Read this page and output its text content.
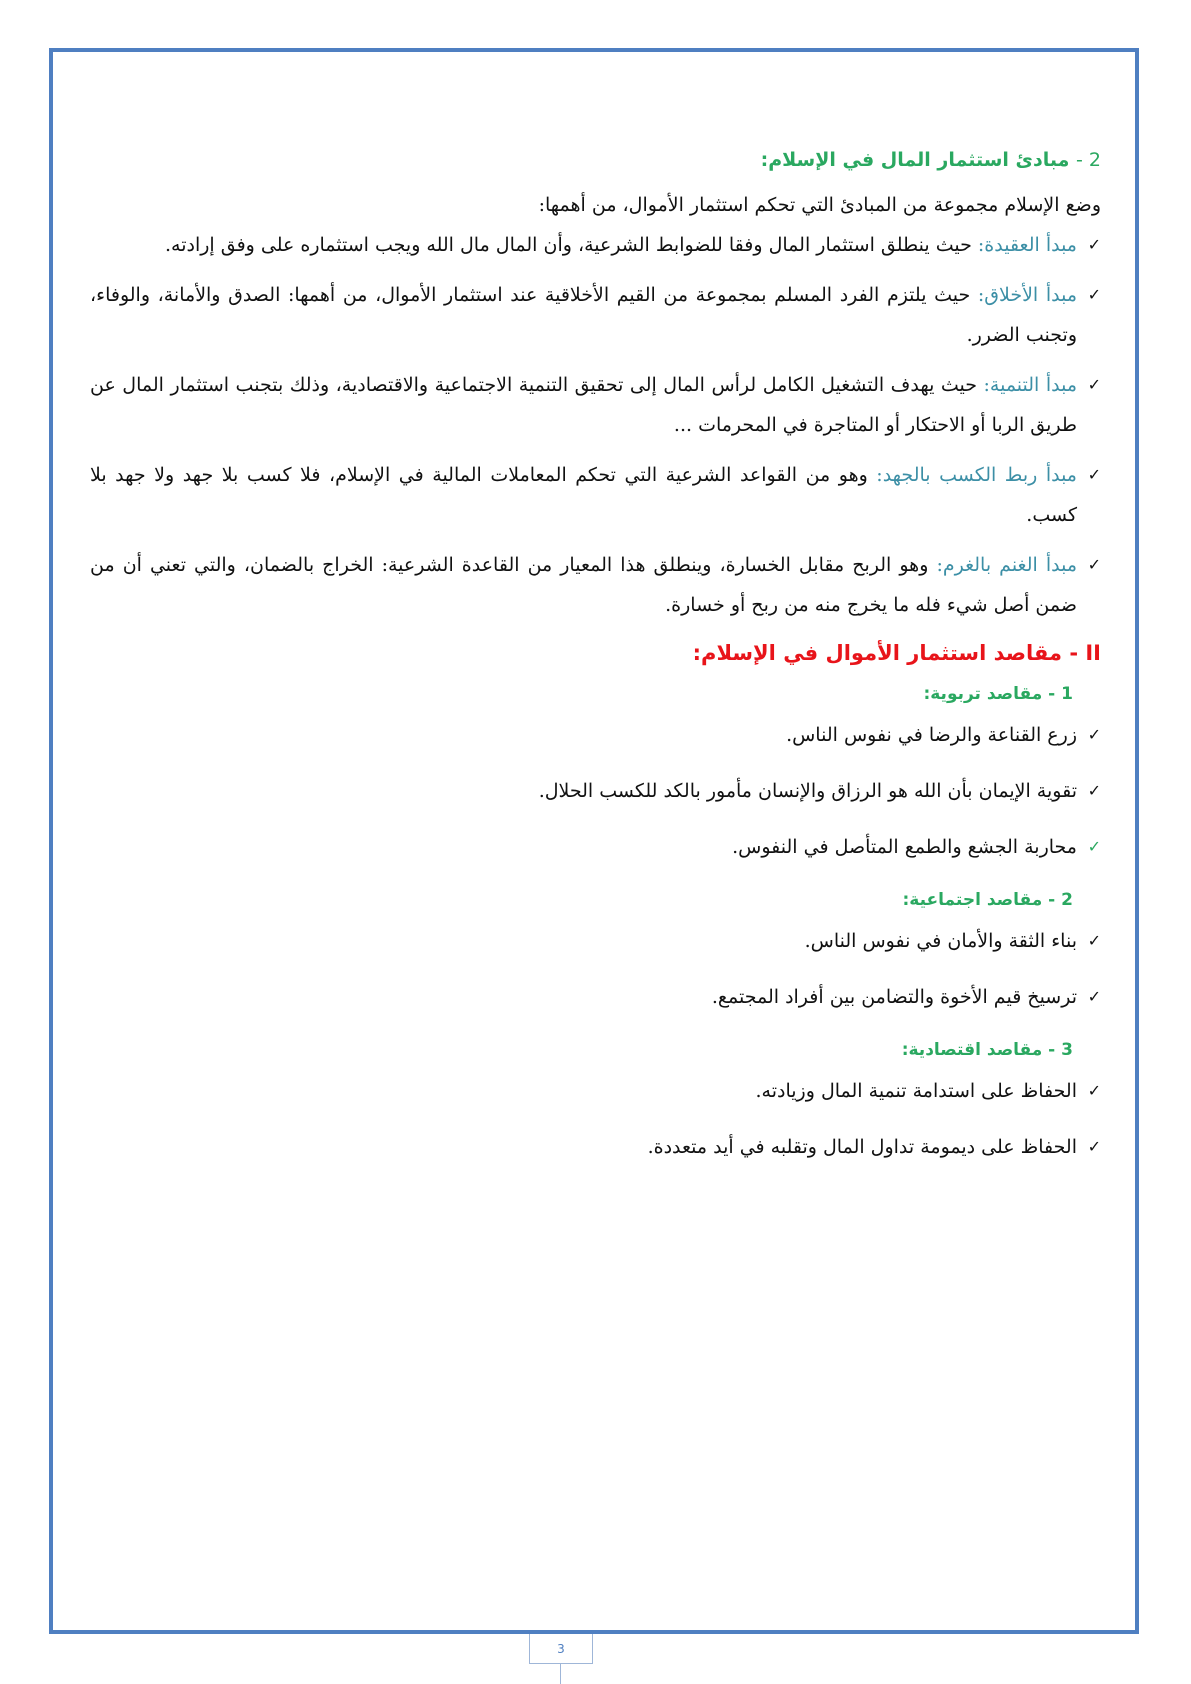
2 - مبادئ استثمار المال في الإسلام:

وضع الإسلام مجموعة من المبادئ التي تحكم استثمار الأموال، من أهمها:

✓
مبدأ العقيدة: حيث ينطلق استثمار المال وفقا للضوابط الشرعية، وأن المال مال الله ويجب استثماره على وفق إرادته.
✓
مبدأ الأخلاق: حيث يلتزم الفرد المسلم بمجموعة من القيم الأخلاقية عند استثمار الأموال، من أهمها: الصدق والأمانة، والوفاء، وتجنب الضرر.
✓
مبدأ التنمية: حيث يهدف التشغيل الكامل لرأس المال إلى تحقيق التنمية الاجتماعية والاقتصادية، وذلك بتجنب استثمار المال عن طريق الربا أو الاحتكار أو المتاجرة في المحرمات ...
✓
مبدأ ربط الكسب بالجهد: وهو من القواعد الشرعية التي تحكم المعاملات المالية في الإسلام، فلا كسب بلا جهد ولا جهد بلا كسب.
✓
مبدأ الغنم بالغرم: وهو الربح مقابل الخسارة، وينطلق هذا المعيار من القاعدة الشرعية: الخراج بالضمان، والتي تعني أن من ضمن أصل شيء فله ما يخرج منه من ربح أو خسارة.
II - مقاصد استثمار الأموال في الإسلام:
1 - مقاصد تربوية:
✓
زرع القناعة والرضا في نفوس الناس.
✓
تقوية الإيمان بأن الله هو الرزاق والإنسان مأمور بالكد للكسب الحلال.
✓
محاربة الجشع والطمع المتأصل في النفوس.
2 - مقاصد اجتماعية:
✓
بناء الثقة والأمان في نفوس الناس.
✓
ترسيخ قيم الأخوة والتضامن بين أفراد المجتمع.
3 - مقاصد اقتصادية:
✓
الحفاظ على استدامة تنمية المال وزيادته.
✓
الحفاظ على ديمومة تداول المال وتقلبه في أيد متعددة.
3
